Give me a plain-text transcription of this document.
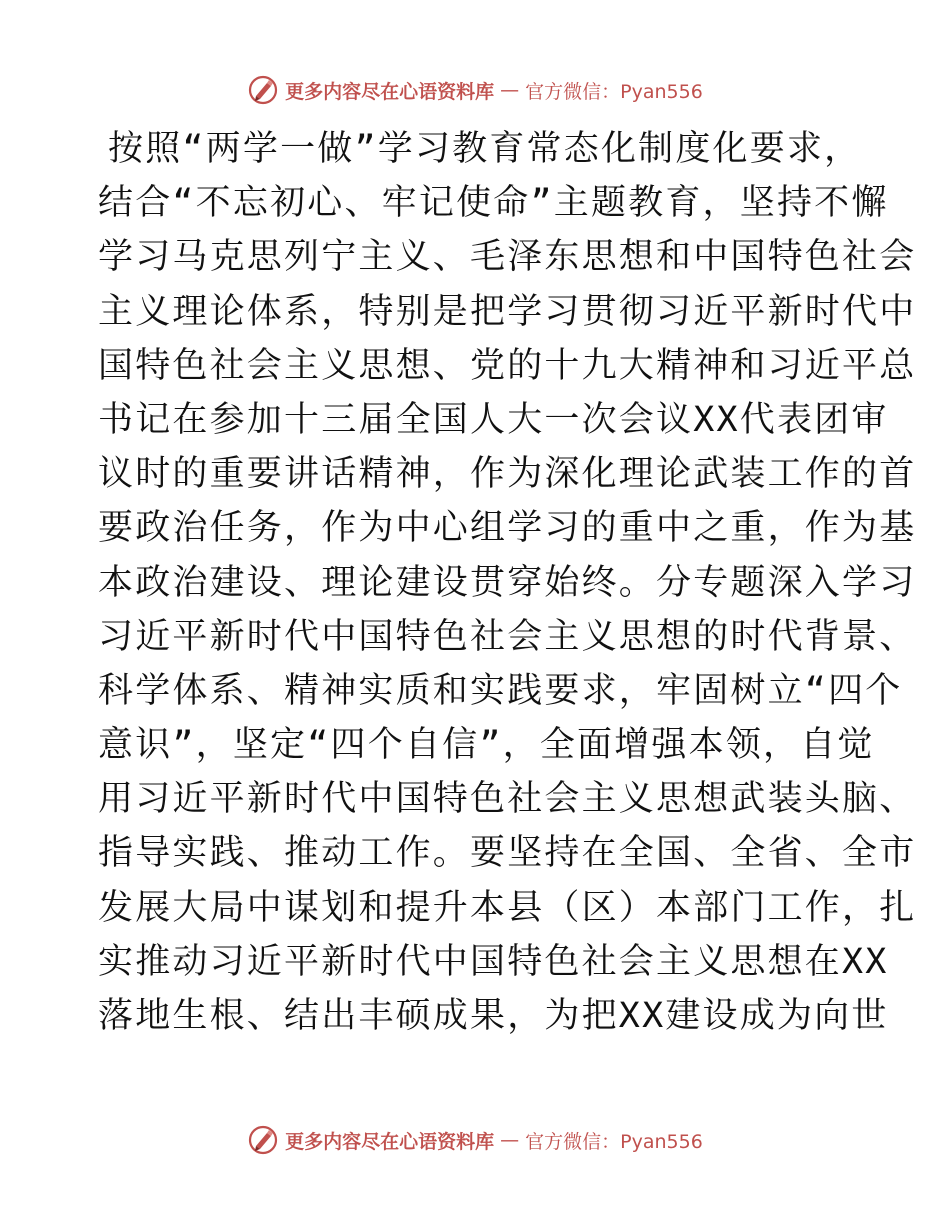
更多内容尽在心语资料库 — 官方微信：Pyan556
按照“两学一做”学习教育常态化制度化要求，
结合“不忘初心、牢记使命”主题教育，坚持不懈
学习马克思列宁主义、毛泽东思想和中国特色社会
主义理论体系，特别是把学习贯彻习近平新时代中
国特色社会主义思想、党的十九大精神和习近平总
书记在参加十三届全国人大一次会议XX代表团审
议时的重要讲话精神，作为深化理论武装工作的首
要政治任务，作为中心组学习的重中之重，作为基
本政治建设、理论建设贯穿始终。分专题深入学习
习近平新时代中国特色社会主义思想的时代背景、
科学体系、精神实质和实践要求，牢固树立“四个
意识”，坚定“四个自信”，全面增强本领，自觉
用习近平新时代中国特色社会主义思想武装头脑、
指导实践、推动工作。要坚持在全国、全省、全市
发展大局中谋划和提升本县（区）本部门工作，扎
实推动习近平新时代中国特色社会主义思想在XX
落地生根、结出丰硕成果，为把XX建设成为向世
更多内容尽在心语资料库 — 官方微信：Pyan556
